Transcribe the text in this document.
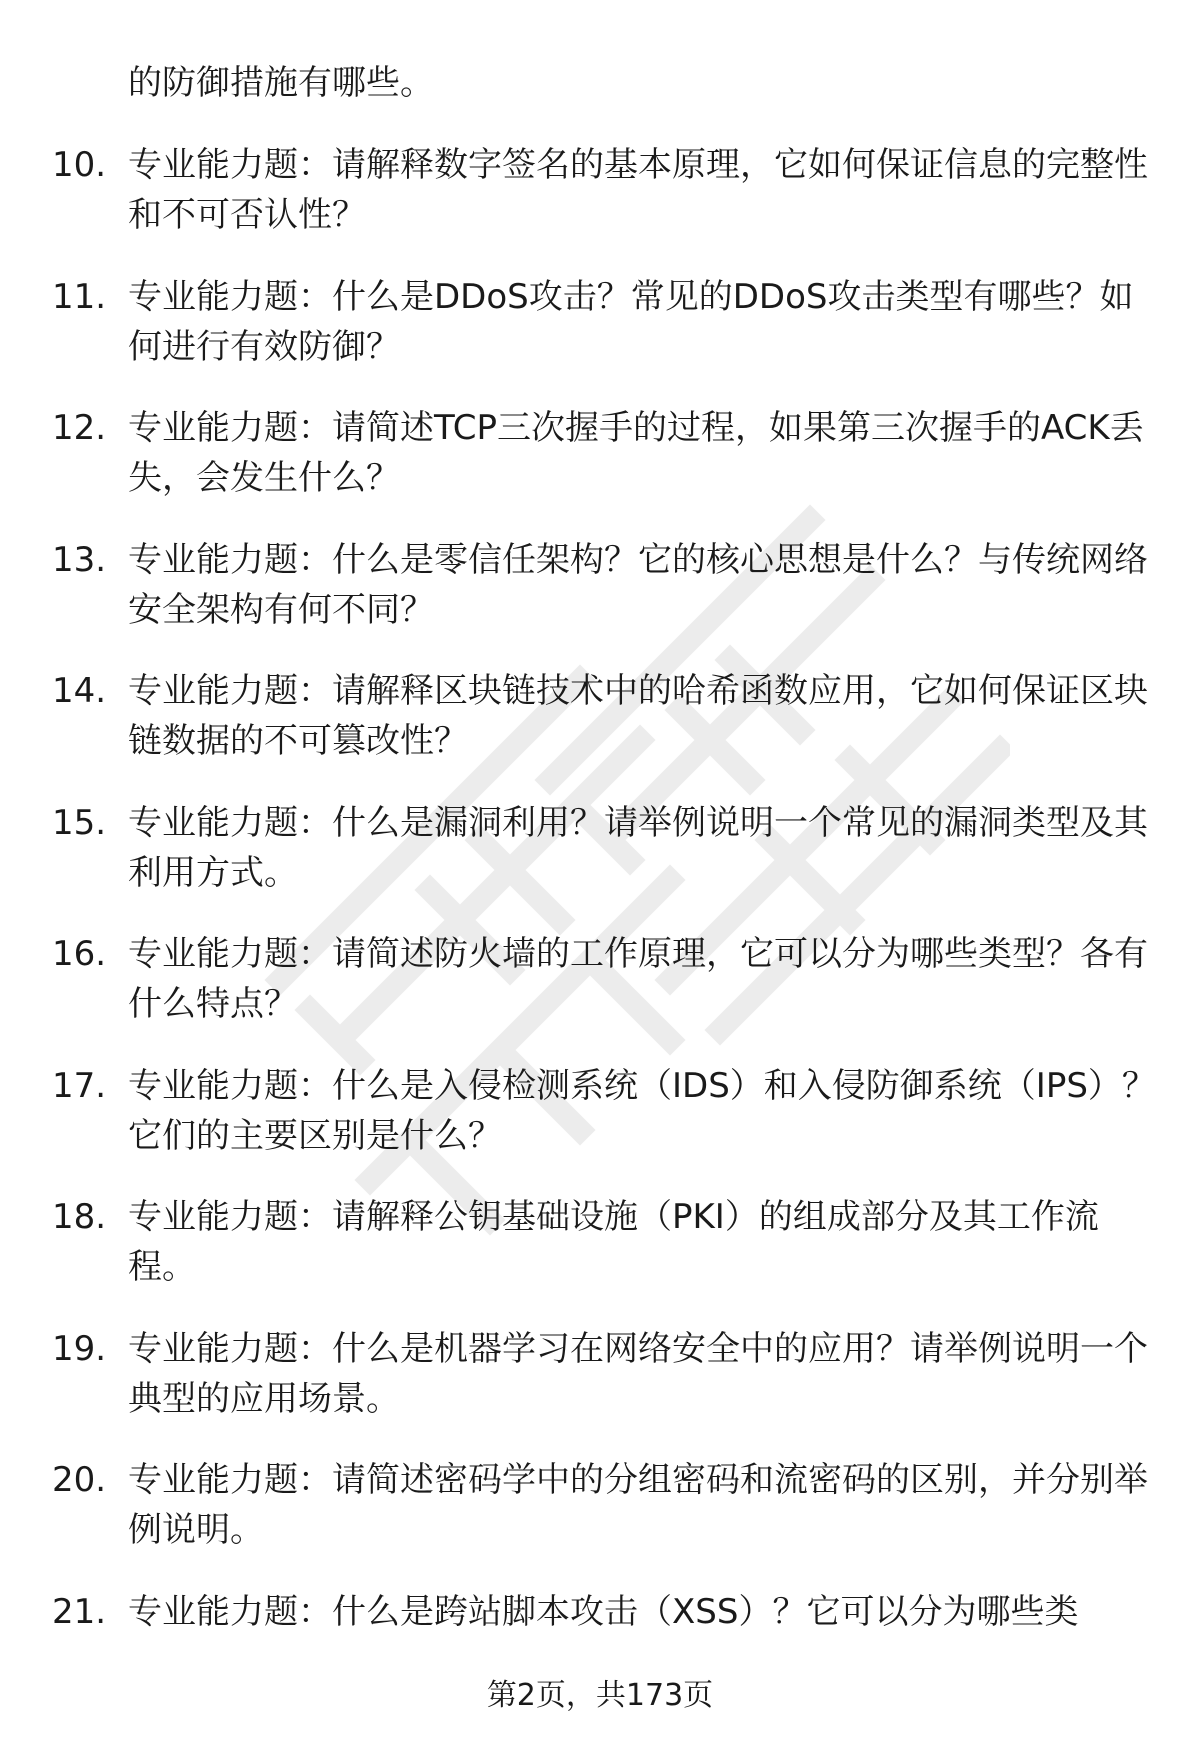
的防御措施有哪些。

10. 专业能力题：请解释数字签名的基本原理，它如何保证信息的完整性和不可否认性？

11. 专业能力题：什么是DDoS攻击？常见的DDoS攻击类型有哪些？如何进行有效防御？

12. 专业能力题：请简述TCP三次握手的过程，如果第三次握手的ACK丢失，会发生什么？

13. 专业能力题：什么是零信任架构？它的核心思想是什么？与传统网络安全架构有何不同？

14. 专业能力题：请解释区块链技术中的哈希函数应用，它如何保证区块链数据的不可篡改性？

15. 专业能力题：什么是漏洞利用？请举例说明一个常见的漏洞类型及其利用方式。

16. 专业能力题：请简述防火墙的工作原理，它可以分为哪些类型？各有什么特点？

17. 专业能力题：什么是入侵检测系统（IDS）和入侵防御系统（IPS）？它们的主要区别是什么？

18. 专业能力题：请解释公钥基础设施（PKI）的组成部分及其工作流程。

19. 专业能力题：什么是机器学习在网络安全中的应用？请举例说明一个典型的应用场景。

20. 专业能力题：请简述密码学中的分组密码和流密码的区别，并分别举例说明。

21. 专业能力题：什么是跨站脚本攻击（XSS）？它可以分为哪些类

第2页，共173页
